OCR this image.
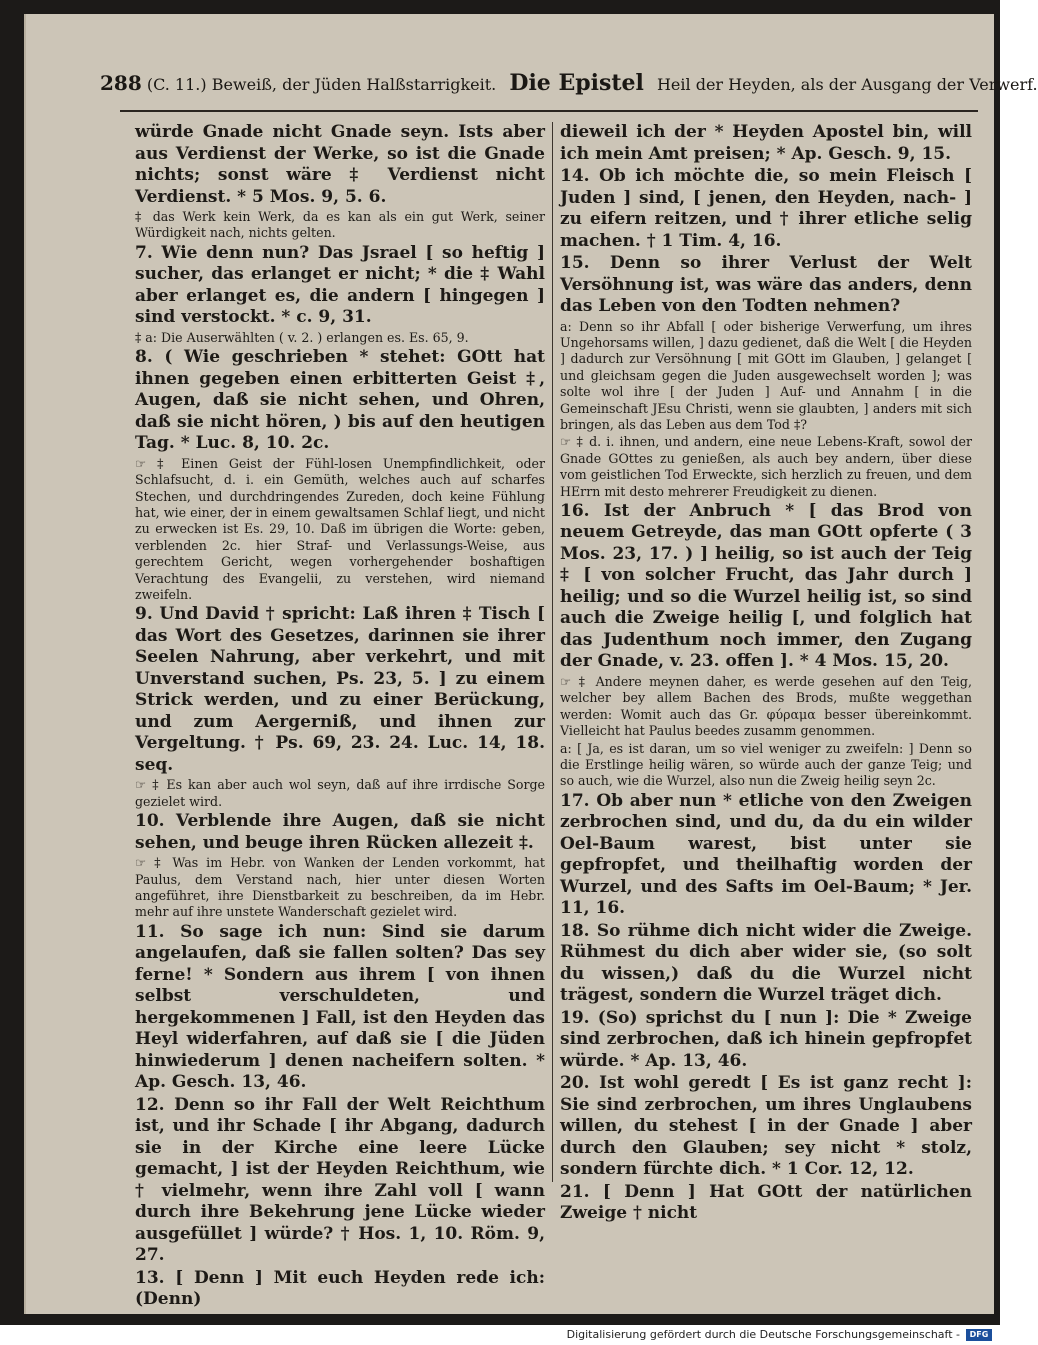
288 (C. 11.) Beweiß, der Jüden Halßstarrigkeit. Die Epistel Heil der Heyden, als der Ausgang der Verwerf.

würde Gnade nicht Gnade seyn. Ists aber aus Verdienst der Werke, so ist die Gnade nichts; sonst wäre ‡ Verdienst nicht Verdienst. * 5 Mos. 9, 5. 6.

‡ das Werk kein Werk, da es kan als ein gut Werk, seiner Würdigkeit nach, nichts gelten.

7. Wie denn nun? Das Jsrael [ so heftig ] sucher, das erlanget er nicht; * die ‡ Wahl aber erlanget es, die andern [ hingegen ] sind verstockt. * c. 9, 31.

‡ a: Die Auserwählten ( v. 2. ) erlangen es. Es. 65, 9.

8. ( Wie geschrieben * stehet: GOtt hat ihnen gegeben einen erbitterten Geist ‡, Augen, daß sie nicht sehen, und Ohren, daß sie nicht hören, ) bis auf den heutigen Tag. * Luc. 8, 10. 2c.

☞ ‡ Einen Geist der Fühl-losen Unempfindlichkeit, oder Schlafsucht, d. i. ein Gemüth, welches auch auf scharfes Stechen, und durchdringendes Zureden, doch keine Fühlung hat, wie einer, der in einem gewaltsamen Schlaf liegt, und nicht zu erwecken ist Es. 29, 10. Daß im übrigen die Worte: geben, verblenden 2c. hier Straf- und Verlassungs-Weise, aus gerechtem Gericht, wegen vorhergehender boshaftigen Verachtung des Evangelii, zu verstehen, wird niemand zweifeln.

9. Und David † spricht: Laß ihren ‡ Tisch [ das Wort des Gesetzes, darinnen sie ihrer Seelen Nahrung, aber verkehrt, und mit Unverstand suchen, Ps. 23, 5. ] zu einem Strick werden, und zu einer Berückung, und zum Aergerniß, und ihnen zur Vergeltung. † Ps. 69, 23. 24. Luc. 14, 18. seq.

☞ ‡ Es kan aber auch wol seyn, daß auf ihre irrdische Sorge gezielet wird.

10. Verblende ihre Augen, daß sie nicht sehen, und beuge ihren Rücken allezeit ‡.

☞ ‡ Was im Hebr. von Wanken der Lenden vorkommt, hat Paulus, dem Verstand nach, hier unter diesen Worten angeführet, ihre Dienstbarkeit zu beschreiben, da im Hebr. mehr auf ihre unstete Wanderschaft gezielet wird.

11. So sage ich nun: Sind sie darum angelaufen, daß sie fallen solten? Das sey ferne! * Sondern aus ihrem [ von ihnen selbst verschuldeten, und hergekommenen ] Fall, ist den Heyden das Heyl widerfahren, auf daß sie [ die Jüden hinwiederum ] denen nacheifern solten. * Ap. Gesch. 13, 46.

12. Denn so ihr Fall der Welt Reichthum ist, und ihr Schade [ ihr Abgang, dadurch sie in der Kirche eine leere Lücke gemacht, ] ist der Heyden Reichthum, wie † vielmehr, wenn ihre Zahl voll [ wann durch ihre Bekehrung jene Lücke wieder ausgefüllet ] würde? † Hos. 1, 10. Röm. 9, 27.

13. [ Denn ] Mit euch Heyden rede ich: (Denn)

dieweil ich der * Heyden Apostel bin, will ich mein Amt preisen; * Ap. Gesch. 9, 15.

14. Ob ich möchte die, so mein Fleisch [ Juden ] sind, [ jenen, den Heyden, nach- ] zu eifern reitzen, und † ihrer etliche selig machen. † 1 Tim. 4, 16.

15. Denn so ihrer Verlust der Welt Versöhnung ist, was wäre das anders, denn das Leben von den Todten nehmen?

a: Denn so ihr Abfall [ oder bisherige Verwerfung, um ihres Ungehorsams willen, ] dazu gedienet, daß die Welt [ die Heyden ] dadurch zur Versöhnung [ mit GOtt im Glauben, ] gelanget [ und gleichsam gegen die Juden ausgewechselt worden ]; was solte wol ihre [ der Juden ] Auf- und Annahm [ in die Gemeinschaft JEsu Christi, wenn sie glaubten, ] anders mit sich bringen, als das Leben aus dem Tod ‡?

☞ ‡ d. i. ihnen, und andern, eine neue Lebens-Kraft, sowol der Gnade GOttes zu genießen, als auch bey andern, über diese vom geistlichen Tod Erweckte, sich herzlich zu freuen, und dem HErrn mit desto mehrerer Freudigkeit zu dienen.

16. Ist der Anbruch * [ das Brod von neuem Getreyde, das man GOtt opferte ( 3 Mos. 23, 17. ) ] heilig, so ist auch der Teig ‡ [ von solcher Frucht, das Jahr durch ] heilig; und so die Wurzel heilig ist, so sind auch die Zweige heilig [, und folglich hat das Judenthum noch immer, den Zugang der Gnade, v. 23. offen ]. * 4 Mos. 15, 20.

☞ ‡ Andere meynen daher, es werde gesehen auf den Teig, welcher bey allem Bachen des Brods, mußte weggethan werden: Womit auch das Gr. φύραμα besser übereinkommt. Vielleicht hat Paulus beedes zusamm genommen.

a: [ Ja, es ist daran, um so viel weniger zu zweifeln: ] Denn so die Erstlinge heilig wären, so würde auch der ganze Teig; und so auch, wie die Wurzel, also nun die Zweig heilig seyn 2c.

17. Ob aber nun * etliche von den Zweigen zerbrochen sind, und du, da du ein wilder Oel-Baum warest, bist unter sie gepfropfet, und theilhaftig worden der Wurzel, und des Safts im Oel-Baum; * Jer. 11, 16.

18. So rühme dich nicht wider die Zweige. Rühmest du dich aber wider sie, (so solt du wissen,) daß du die Wurzel nicht trägest, sondern die Wurzel träget dich.

19. (So) sprichst du [ nun ]: Die * Zweige sind zerbrochen, daß ich hinein gepfropfet würde. * Ap. 13, 46.

20. Ist wohl geredt [ Es ist ganz recht ]: Sie sind zerbrochen, um ihres Unglaubens willen, du stehest [ in der Gnade ] aber durch den Glauben; sey nicht * stolz, sondern fürchte dich. * 1 Cor. 12, 12.

21. [ Denn ] Hat GOtt der natürlichen Zweige † nicht

Digitalisierung gefördert durch die Deutsche Forschungsgemeinschaft -	DFG
